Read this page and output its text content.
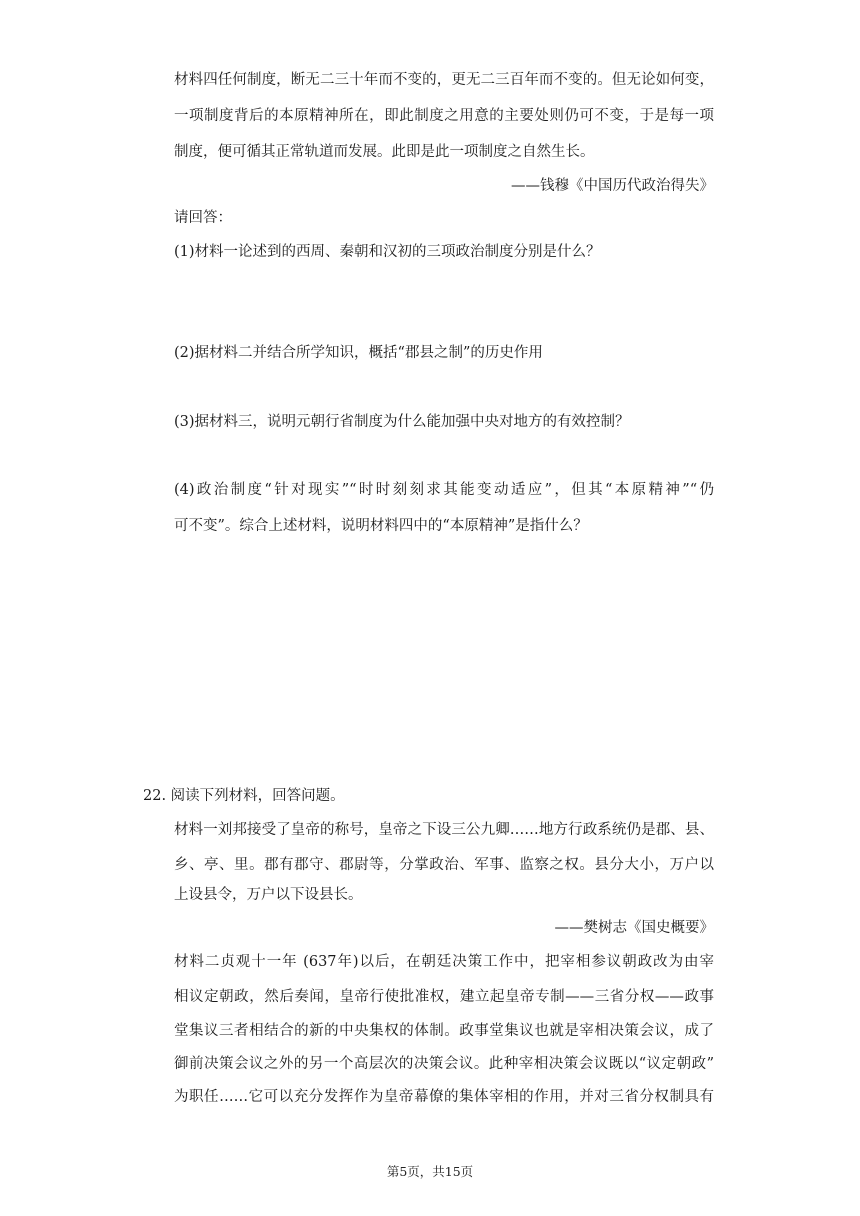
材料四任何制度，断无二三十年而不变的，更无二三百年而不变的。但无论如何变，
一项制度背后的本原精神所在，即此制度之用意的主要处则仍可不变，于是每一项
制度，便可循其正常轨道而发展。此即是此一项制度之自然生长。
——钱穆《中国历代政治得失》
请回答：
(1)材料一论述到的西周、秦朝和汉初的三项政治制度分别是什么？
(2)据材料二并结合所学知识，概括“郡县之制”的历史作用
(3)据材料三，说明元朝行省制度为什么能加强中央对地方的有效控制？
(4)政治制度“针对现实”“时时刻刻求其能变动适应”，但其“本原精神”“仍
可不变”。综合上述材料，说明材料四中的“本原精神”是指什么？
22. 阅读下列材料，回答问题。
材料一刘邦接受了皇帝的称号，皇帝之下设三公九卿……地方行政系统仍是郡、县、
乡、亭、里。郡有郡守、郡尉等，分掌政治、军事、监察之权。县分大小，万户以
上设县令，万户以下设县长。
——樊树志《国史概要》
材料二贞观十一年 (637年)以后，在朝廷决策工作中，把宰相参议朝政改为由宰
相议定朝政，然后奏闻，皇帝行使批准权，建立起皇帝专制——三省分权——政事
堂集议三者相结合的新的中央集权的体制。政事堂集议也就是宰相决策会议，成了
御前决策会议之外的另一个高层次的决策会议。此种宰相决策会议既以“议定朝政”
为职任……它可以充分发挥作为皇帝幕僚的集体宰相的作用，并对三省分权制具有
第5页，共15页
